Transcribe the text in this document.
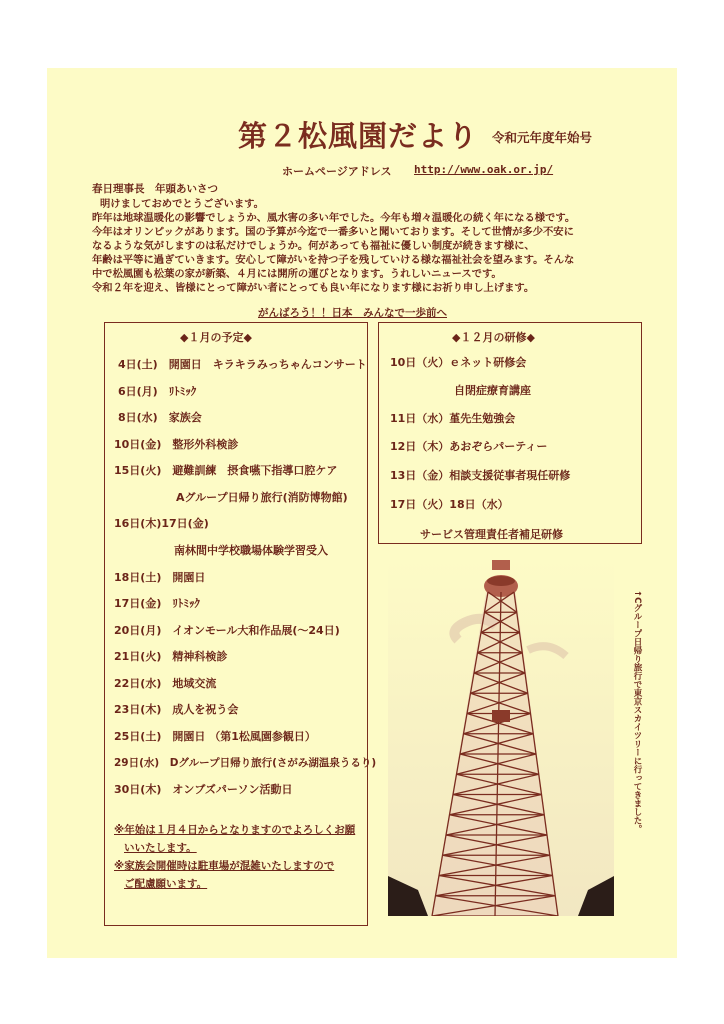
第２松風園だより 令和元年度年始号
ホームページアドレス http://www.oak.or.jp/
春日理事長　年頭あいさつ
明けましておめでとうございます。
昨年は地球温暖化の影響でしょうか、風水害の多い年でした。今年も増々温暖化の続く年になる様です。
今年はオリンピックがあります。国の予算が今迄で一番多いと聞いております。そして世情が多少不安に
なるような気がしますのは私だけでしょうか。何があっても福祉に優しい制度が続きます様に、
年齢は平等に過ぎていきます。安心して障がいを持つ子を残していける様な福祉社会を望みます。そんな
中で松風園も松葉の家が新築、４月には開所の運びとなります。うれしいニュースです。
令和２年を迎え、皆様にとって障がい者にとっても良い年になります様にお祈り申し上げます。
がんばろう！！日本　みんなで一歩前へ
◆１月の予定◆
4日(土)　開園日　キラキラみっちゃんコンサート
6日(月)　ﾘﾄﾐｯｸ
8日(水)　家族会
10日(金)　整形外科検診
15日(火)　避難訓練　摂食嚥下指導口腔ケア
Aグループ日帰り旅行(消防博物館)
16日(木)17日(金)
南林間中学校職場体験学習受入
18日(土)　開園日
17日(金)　ﾘﾄﾐｯｸ
20日(月)　イオンモール大和作品展(～24日)
21日(火)　精神科検診
22日(水)　地域交流
23日(木)　成人を祝う会
25日(土)　開園日 （第1松風園参観日）
29日(水)　Dグループ日帰り旅行(さがみ湖温泉うるり)
30日(木)　オンブズパーソン活動日
※年始は１月４日からとなりますのでよろしくお願
いいたします。
※家族会開催時は駐車場が混雑いたしますので
ご配慮願います。
◆１２月の研修◆
10日（火）ｅネット研修会
自閉症療育講座
11日（水）堇先生勉強会
12日（木）あおぞらパーティー
13日（金）相談支援従事者現任研修
17日（火）18日（水）
サービス管理責任者補足研修
↑Cグループ日帰り旅行で東京スカイツリーに行ってきました。
